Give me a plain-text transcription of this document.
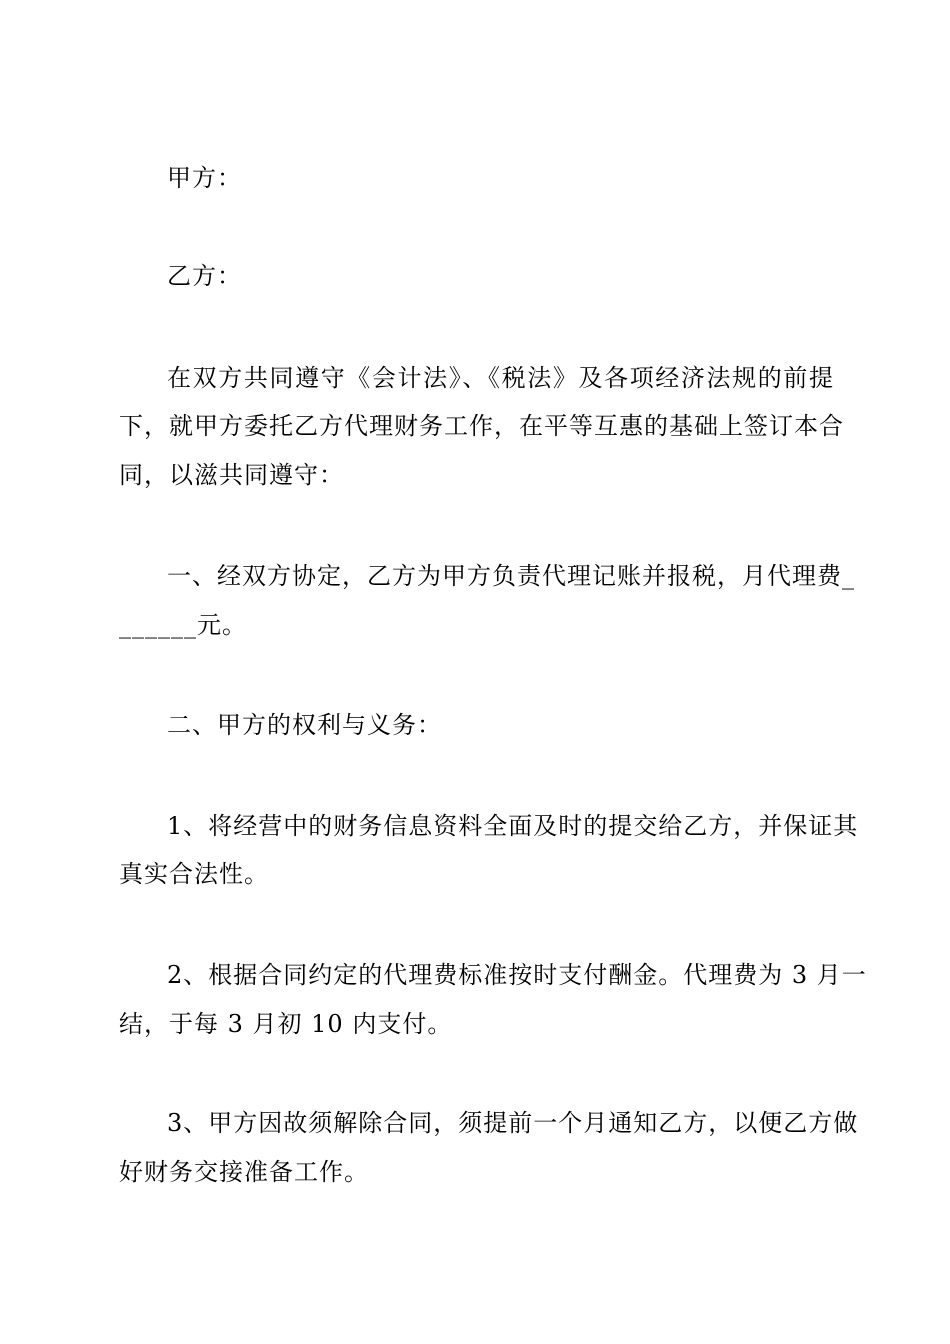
甲方：
乙方：
在双方共同遵守《会计法》、《税法》及各项经济法规的前提
下，就甲方委托乙方代理财务工作，在平等互惠的基础上签订本合
同，以滋共同遵守：
一、经双方协定，乙方为甲方负责代理记账并报税，月代理费_
______元。
二、甲方的权利与义务：
1、将经营中的财务信息资料全面及时的提交给乙方，并保证其
真实合法性。
2、根据合同约定的代理费标准按时支付酬金。代理费为 3 月一
结，于每 3 月初 10 内支付。
3、甲方因故须解除合同，须提前一个月通知乙方，以便乙方做
好财务交接准备工作。
